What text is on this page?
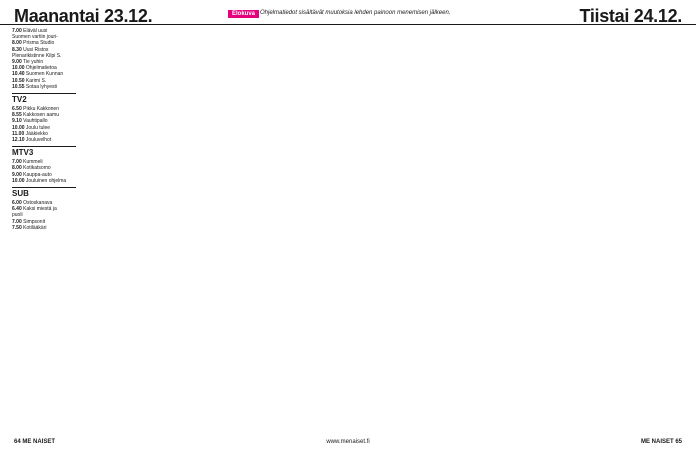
Maanantai 23.12.	Elokuva Ohjelmatiedot sisältävät muutoksia lehden painoon menemisen jälkeen.	Tiistai 24.12.
7.00 Eläväl uusi
Suomen vartiin jouri-
8.00 Prisma Studio
8.30 Uusi Ristos
Plenarikistinne Kilpi S.
9.00 Tie yuhin
10.00 Ohjelmatietoa
10.40 Suomen Kunnan
10.50 Karimi S.
10.55 Sotaa lyhyesti
TV2
6.50 Pikku Kakkonen
8.55 Kakkosen aamu
9.10 Vauhtipallo
10.00 Joulu tulee
11.00 Jääkiekko
12.10 Jouluvelhot
MTV3
7.00 Kummeli
8.00 Kotikatsomo
9.00 Kauppa-auto
10.00 Jouluinen ohjelma
SUB
6.00 Ostoskanava
6.40 Kaksi miestä ja
puoli
7.00 Simpsonit
7.50 Kotilääkäri
64 ME NAISET	www.menaiset.fi	ME NAISET 65
